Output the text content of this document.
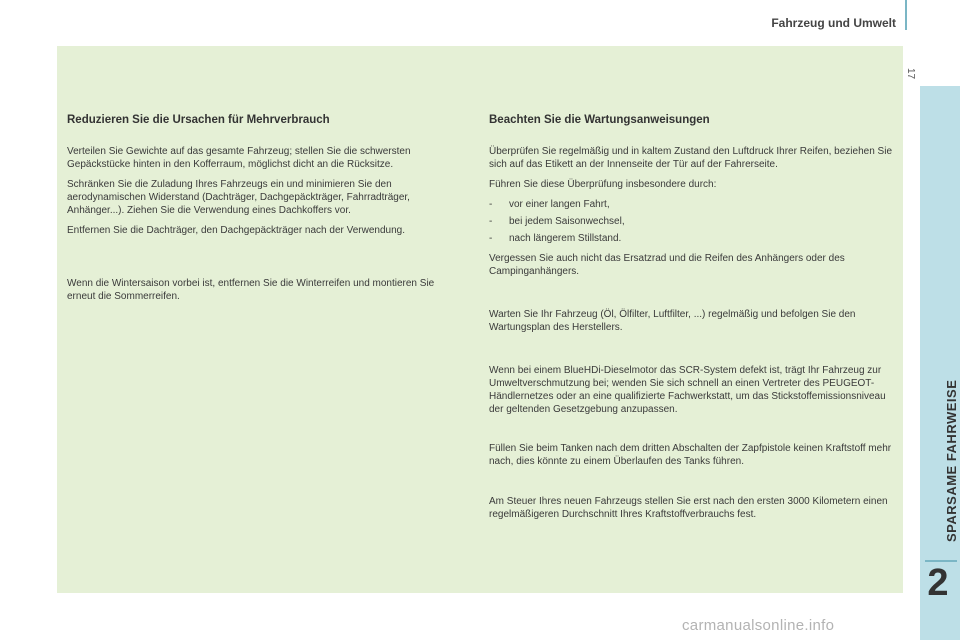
Fahrzeug und Umwelt
17
SPARSAME FAHRWEISE
2
Reduzieren Sie die Ursachen für Mehrverbrauch

Verteilen Sie Gewichte auf das gesamte Fahrzeug; stellen Sie die schwersten Gepäckstücke hinten in den Kofferraum, möglichst dicht an die Rücksitze.

Schränken Sie die Zuladung Ihres Fahrzeugs ein und minimieren Sie den aerodynamischen Widerstand (Dachträger, Dachgepäckträger, Fahrradträger, Anhänger...). Ziehen Sie die Verwendung eines Dachkoffers vor.

Entfernen Sie die Dachträger, den Dachgepäckträger nach der Verwendung.

Wenn die Wintersaison vorbei ist, entfernen Sie die Winterreifen und montieren Sie erneut die Sommerreifen.

Beachten Sie die Wartungsanweisungen

Überprüfen Sie regelmäßig und in kaltem Zustand den Luftdruck Ihrer Reifen, beziehen Sie sich auf das Etikett an der Innenseite der Tür auf der Fahrerseite.

Führen Sie diese Überprüfung insbesondere durch:

-	vor einer langen Fahrt,
-	bei jedem Saisonwechsel,
-	nach längerem Stillstand.

Vergessen Sie auch nicht das Ersatzrad und die Reifen des Anhängers oder des Campinganhängers.

Warten Sie Ihr Fahrzeug (Öl, Ölfilter, Luftfilter, ...) regelmäßig und befolgen Sie den Wartungsplan des Herstellers.

Wenn bei einem BlueHDi-Dieselmotor das SCR-System defekt ist, trägt Ihr Fahrzeug zur Umweltverschmutzung bei; wenden Sie sich schnell an einen Vertreter des PEUGEOT-Händlernetzes oder an eine qualifizierte Fachwerkstatt, um das Stickstoffemissionsniveau der geltenden Gesetzgebung anzupassen.

Füllen Sie beim Tanken nach dem dritten Abschalten der Zapfpistole keinen Kraftstoff mehr nach, dies könnte zu einem Überlaufen des Tanks führen.

Am Steuer Ihres neuen Fahrzeugs stellen Sie erst nach den ersten 3000 Kilometern einen regelmäßigeren Durchschnitt Ihres Kraftstoffverbrauchs fest.

carmanualsonline.info
